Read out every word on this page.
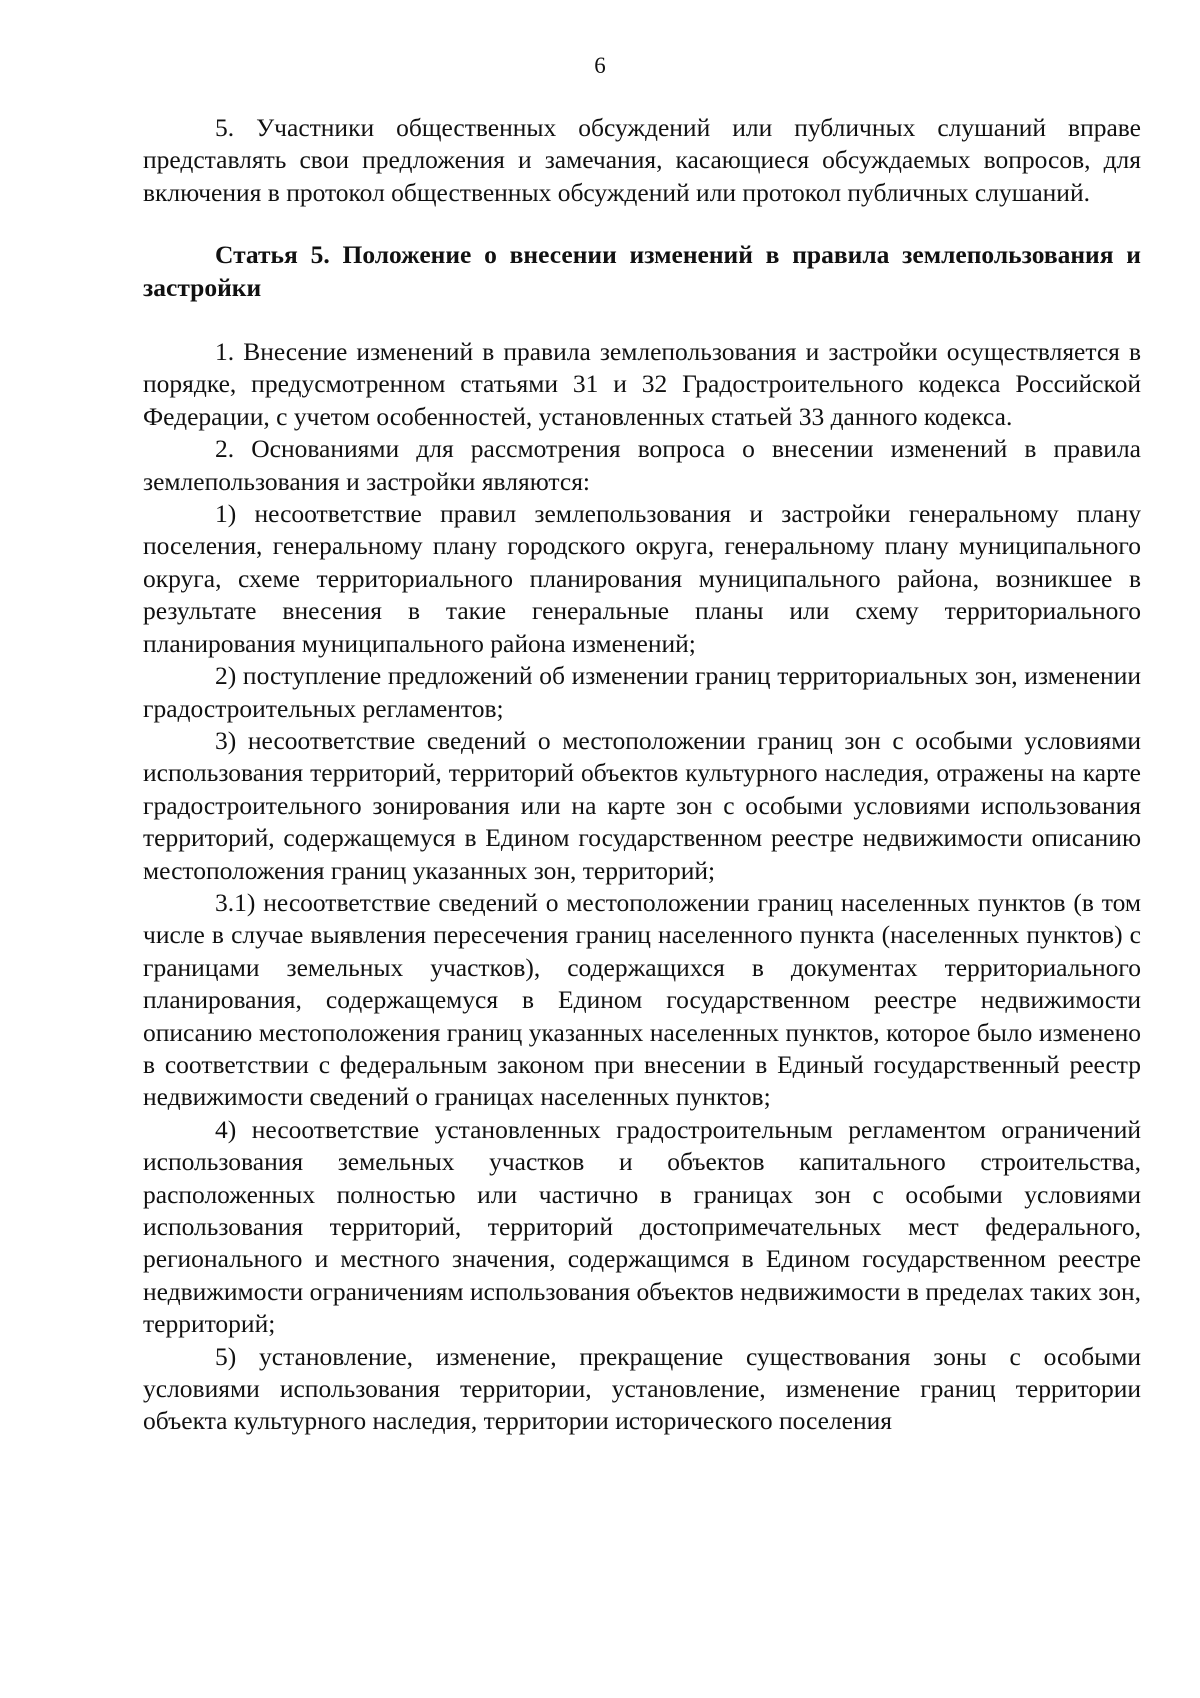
6

5. Участники общественных обсуждений или публичных слушаний вправе представлять свои предложения и замечания, касающиеся обсуждаемых вопросов, для включения в протокол общественных обсуждений или протокол публичных слушаний.

Статья 5. Положение о внесении изменений в правила землепользования и застройки

1. Внесение изменений в правила землепользования и застройки осуществляется в порядке, предусмотренном статьями 31 и 32 Градостроительного кодекса Российской Федерации, с учетом особенностей, установленных статьей 33 данного кодекса.

2. Основаниями для рассмотрения вопроса о внесении изменений в правила землепользования и застройки являются:

1) несоответствие правил землепользования и застройки генеральному плану поселения, генеральному плану городского округа, генеральному плану муниципального округа, схеме территориального планирования муниципального района, возникшее в результате внесения в такие генеральные планы или схему территориального планирования муниципального района изменений;

2) поступление предложений об изменении границ территориальных зон, изменении градостроительных регламентов;

3) несоответствие сведений о местоположении границ зон с особыми условиями использования территорий, территорий объектов культурного наследия, отражены на карте градостроительного зонирования или на карте зон с особыми условиями использования территорий, содержащемуся в Едином государственном реестре недвижимости описанию местоположения границ указанных зон, территорий;

3.1) несоответствие сведений о местоположении границ населенных пунктов (в том числе в случае выявления пересечения границ населенного пункта (населенных пунктов) с границами земельных участков), содержащихся в документах территориального планирования, содержащемуся в Едином государственном реестре недвижимости описанию местоположения границ указанных населенных пунктов, которое было изменено в соответствии с федеральным законом при внесении в Единый государственный реестр недвижимости сведений о границах населенных пунктов;

4) несоответствие установленных градостроительным регламентом ограничений использования земельных участков и объектов капитального строительства, расположенных полностью или частично в границах зон с особыми условиями использования территорий, территорий достопримечательных мест федерального, регионального и местного значения, содержащимся в Едином государственном реестре недвижимости ограничениям использования объектов недвижимости в пределах таких зон, территорий;

5) установление, изменение, прекращение существования зоны с особыми условиями использования территории, установление, изменение границ территории объекта культурного наследия, территории исторического поселения
